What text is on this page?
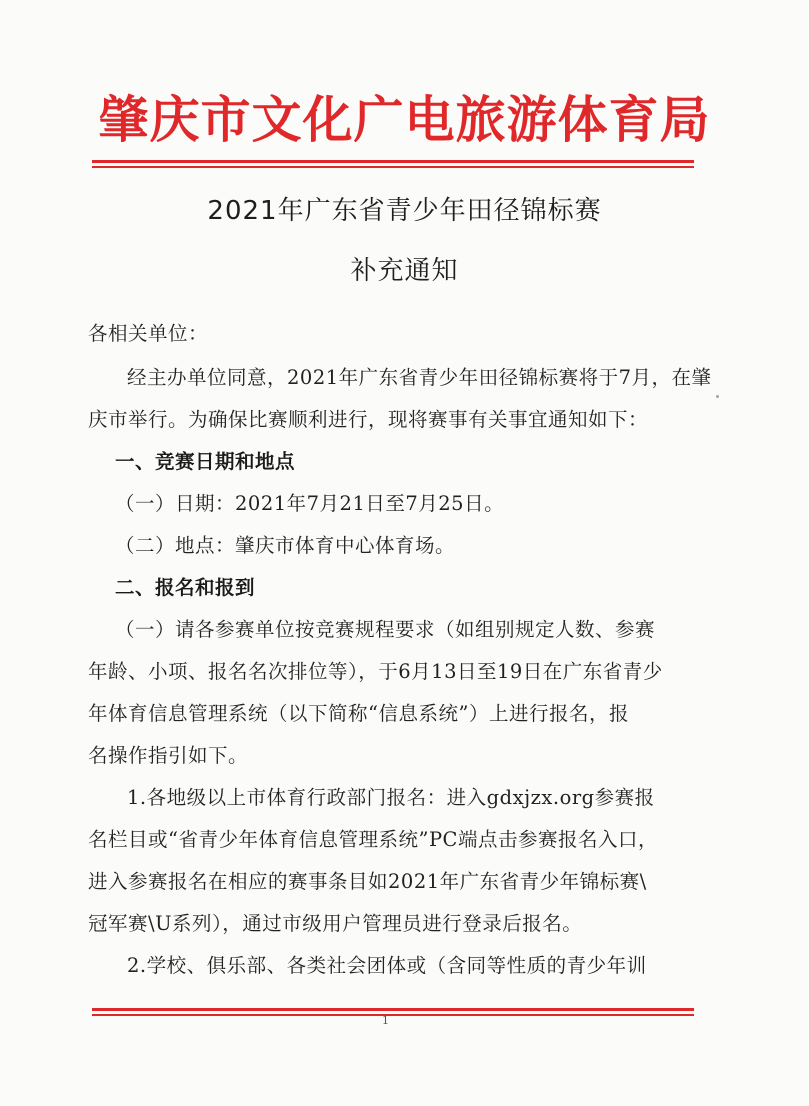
肇庆市文化广电旅游体育局
2021年广东省青少年田径锦标赛
补充通知
各相关单位：
经主办单位同意，2021年广东省青少年田径锦标赛将于7月，在肇
庆市举行。为确保比赛顺利进行，现将赛事有关事宜通知如下：
一、竞赛日期和地点
（一）日期：2021年7月21日至7月25日。
（二）地点：肇庆市体育中心体育场。
二、报名和报到
（一）请各参赛单位按竞赛规程要求（如组别规定人数、参赛
年龄、小项、报名名次排位等），于6月13日至19日在广东省青少
年体育信息管理系统（以下简称“信息系统”）上进行报名，报
名操作指引如下。
1.各地级以上市体育行政部门报名：进入gdxjzx.org参赛报
名栏目或“省青少年体育信息管理系统”PC端点击参赛报名入口，
进入参赛报名在相应的赛事条目如2021年广东省青少年锦标赛\
冠军赛\U系列），通过市级用户管理员进行登录后报名。
2.学校、俱乐部、各类社会团体或（含同等性质的青少年训
1
